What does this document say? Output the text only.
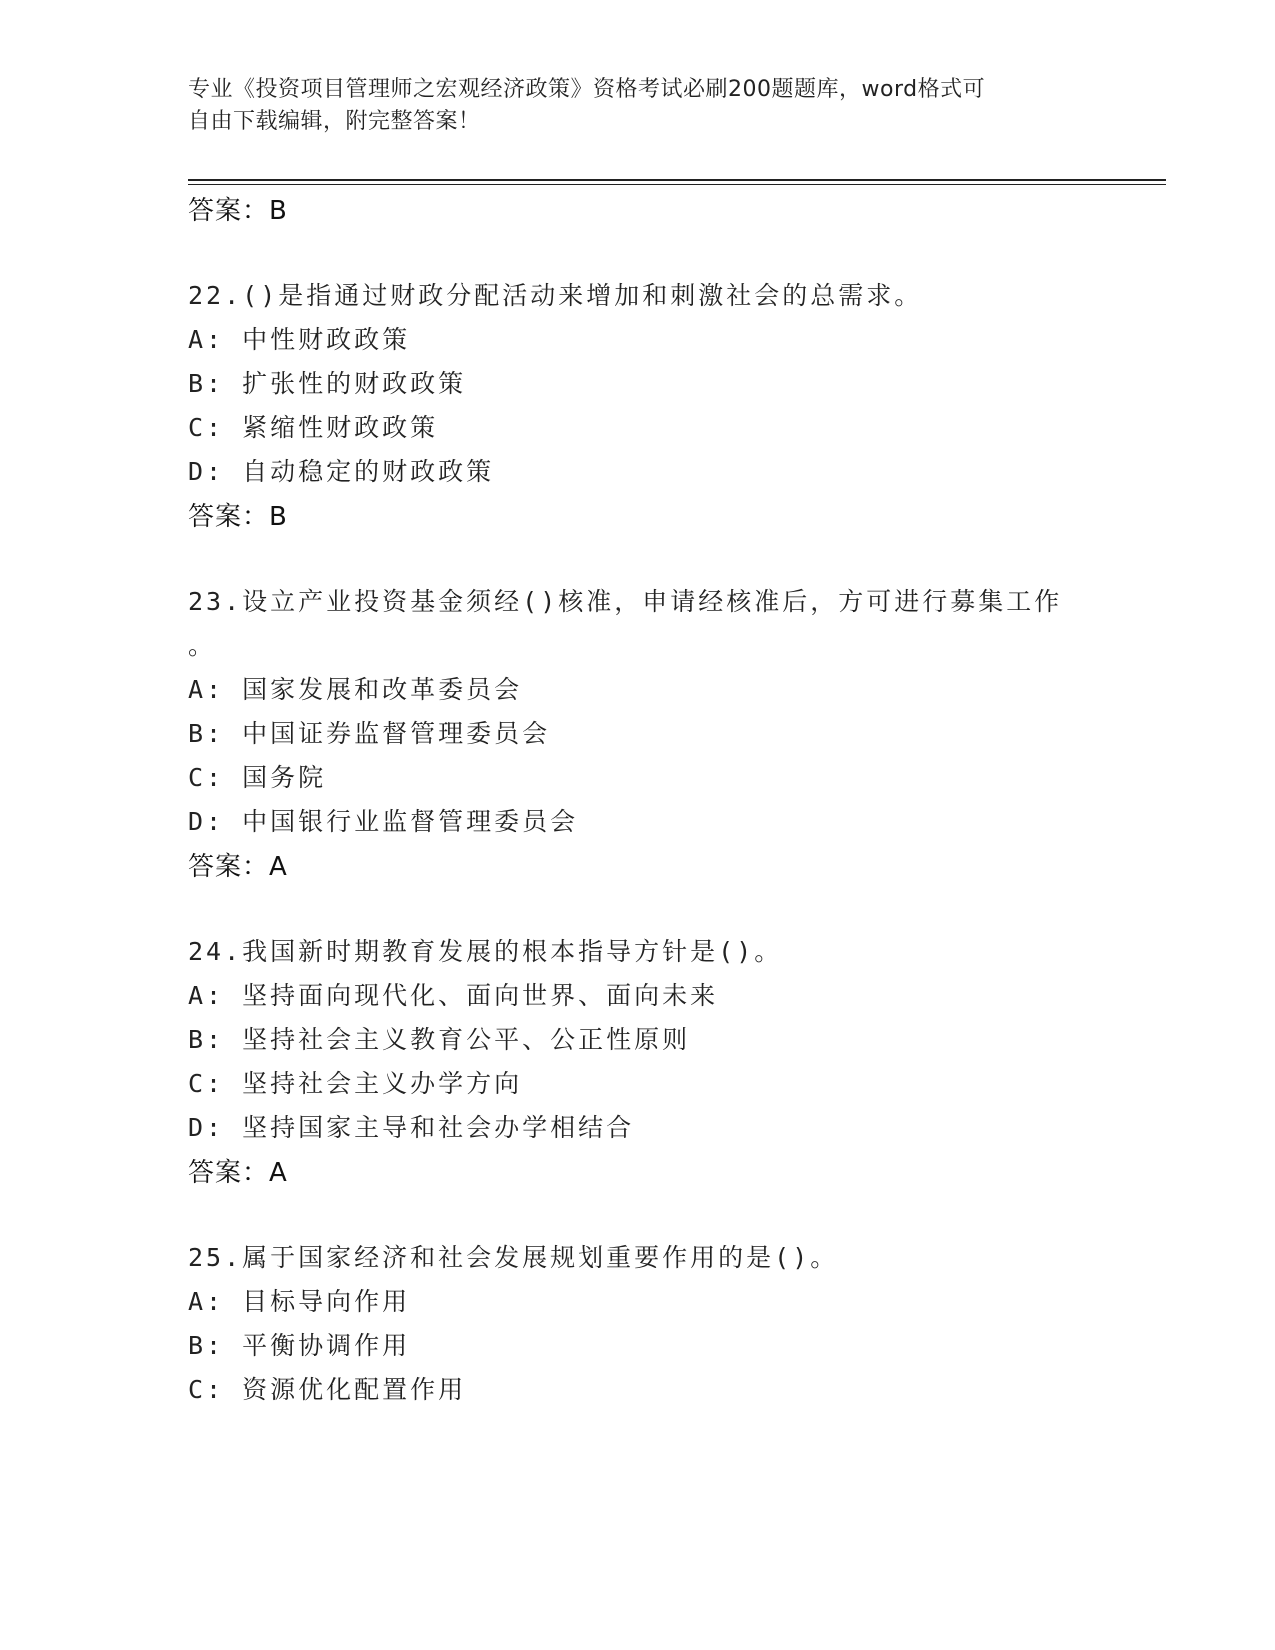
专业《投资项目管理师之宏观经济政策》资格考试必刷200题题库，word格式可
自由下载编辑，附完整答案！
答案：B
22.()是指通过财政分配活动来增加和刺激社会的总需求。
A: 中性财政政策
B: 扩张性的财政政策
C: 紧缩性财政政策
D: 自动稳定的财政政策
答案：B
23.设立产业投资基金须经()核准，申请经核准后，方可进行募集工作
。
A: 国家发展和改革委员会
B: 中国证券监督管理委员会
C: 国务院
D: 中国银行业监督管理委员会
答案：A
24.我国新时期教育发展的根本指导方针是()。
A: 坚持面向现代化、面向世界、面向未来
B: 坚持社会主义教育公平、公正性原则
C: 坚持社会主义办学方向
D: 坚持国家主导和社会办学相结合
答案：A
25.属于国家经济和社会发展规划重要作用的是()。
A: 目标导向作用
B: 平衡协调作用
C: 资源优化配置作用
